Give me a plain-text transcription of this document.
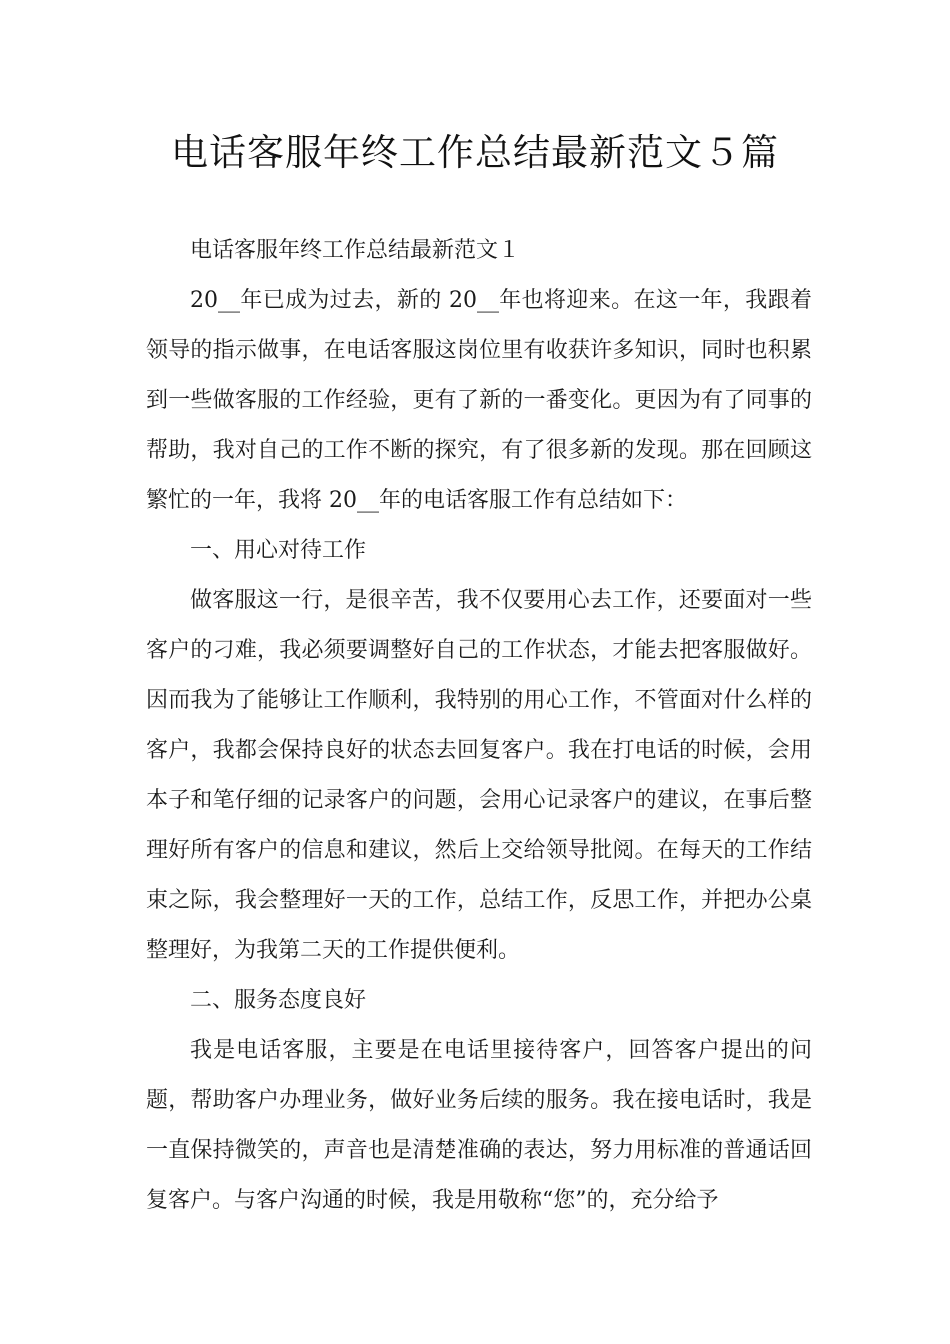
电话客服年终工作总结最新范文５篇

电话客服年终工作总结最新范文１

20__年已成为过去，新的 20__年也将迎来。在这一年，我跟着领导的指示做事，在电话客服这岗位里有收获许多知识，同时也积累到一些做客服的工作经验，更有了新的一番变化。更因为有了同事的帮助，我对自己的工作不断的探究，有了很多新的发现。那在回顾这繁忙的一年，我将 20__年的电话客服工作有总结如下：

一、用心对待工作

做客服这一行，是很辛苦，我不仅要用心去工作，还要面对一些客户的刁难，我必须要调整好自己的工作状态，才能去把客服做好。因而我为了能够让工作顺利，我特别的用心工作，不管面对什么样的客户，我都会保持良好的状态去回复客户。我在打电话的时候，会用本子和笔仔细的记录客户的问题，会用心记录客户的建议，在事后整理好所有客户的信息和建议，然后上交给领导批阅。在每天的工作结束之际，我会整理好一天的工作，总结工作，反思工作，并把办公桌整理好，为我第二天的工作提供便利。

二、服务态度良好

我是电话客服，主要是在电话里接待客户，回答客户提出的问题，帮助客户办理业务，做好业务后续的服务。我在接电话时，我是一直保持微笑的，声音也是清楚准确的表达，努力用标准的普通话回复客户。与客户沟通的时候，我是用敬称“您”的，充分给予
